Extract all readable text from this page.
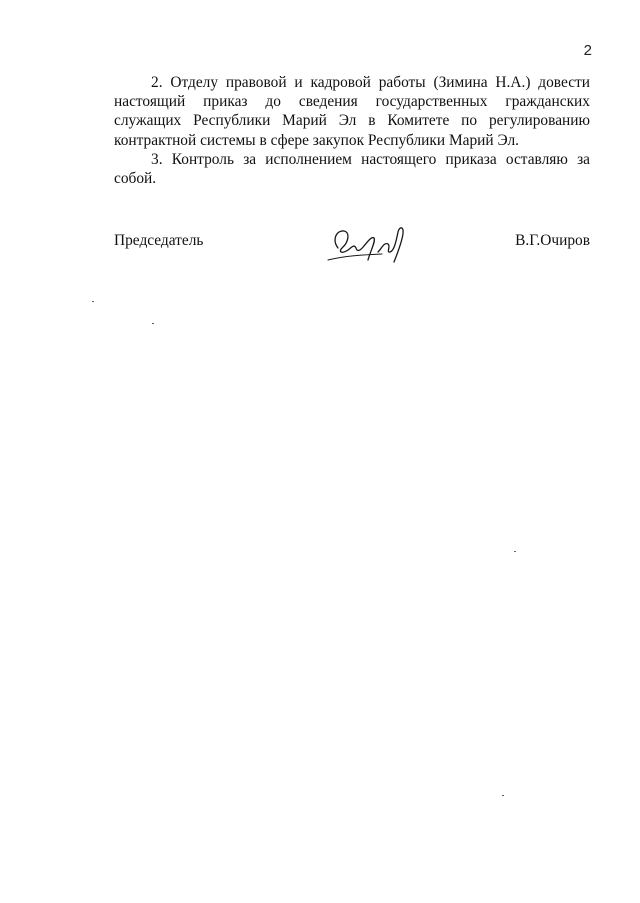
2

2. Отделу правовой и кадровой работы (Зимина Н.А.) довести настоящий приказ до сведения государственных гражданских служащих Республики Марий Эл в Комитете по регулированию контрактной системы в сфере закупок Республики Марий Эл.

3. Контроль за исполнением настоящего приказа оставляю за собой.

Председатель	В.Г.Очиров
